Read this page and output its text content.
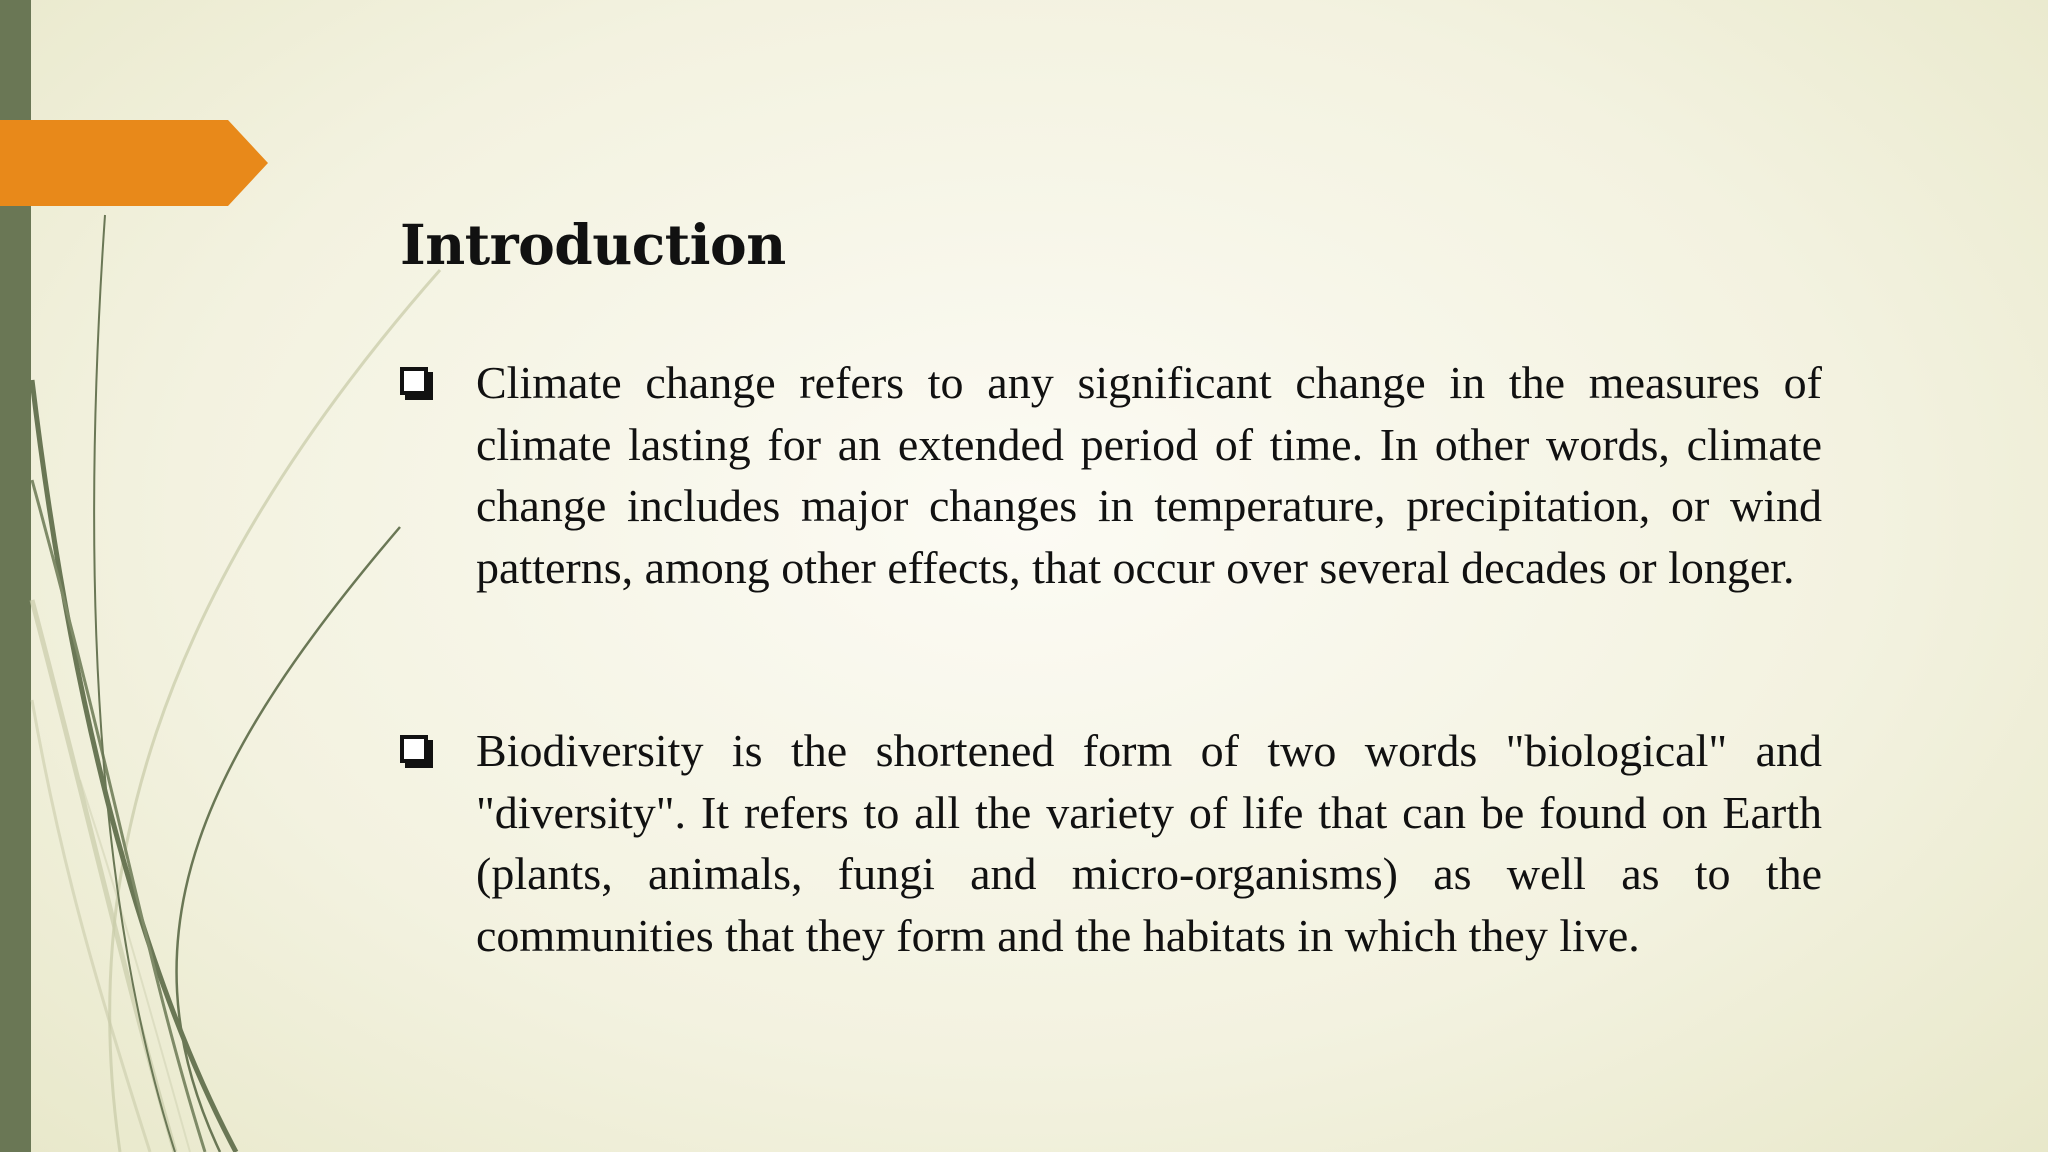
Introduction

Climate change refers to any significant change in the measures of climate lasting for an extended period of time. In other words, climate change includes major changes in temperature, precipitation, or wind patterns, among other effects, that occur over several decades or longer.

Biodiversity is the shortened form of two words "biological" and "diversity". It refers to all the variety of life that can be found on Earth (plants, animals, fungi and micro-organisms) as well as to the communities that they form and the habitats in which they live.
